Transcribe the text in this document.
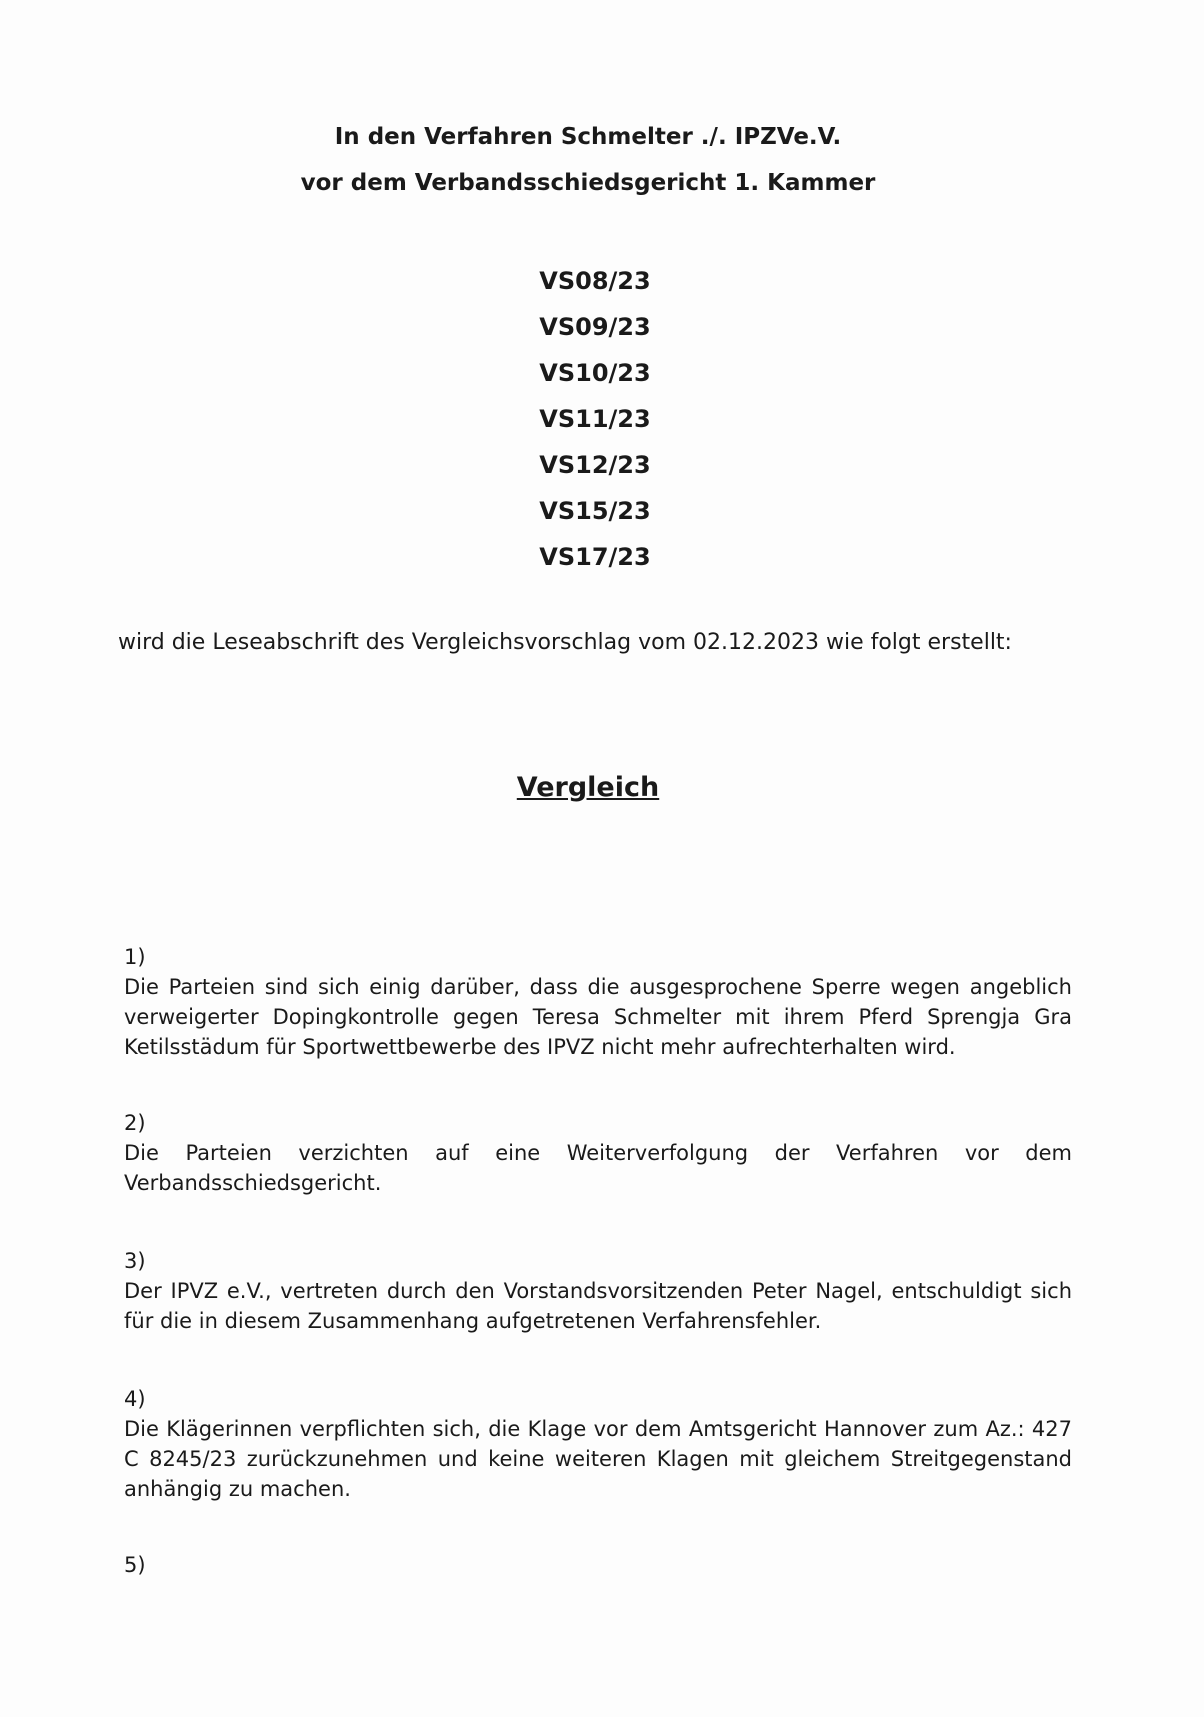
In den Verfahren Schmelter ./. IPZVe.V.
vor dem Verbandsschiedsgericht 1. Kammer
VS08/23
VS09/23
VS10/23
VS11/23
VS12/23
VS15/23
VS17/23
wird die Leseabschrift des Vergleichsvorschlag vom 02.12.2023 wie folgt erstellt:
Vergleich
1)
Die Parteien sind sich einig darüber, dass die ausgesprochene Sperre wegen angeblich verweigerter Dopingkontrolle gegen Teresa Schmelter mit ihrem Pferd Sprengja Gra Ketilsstädum für Sportwettbewerbe des IPVZ nicht mehr aufrechterhalten wird.
2)
Die Parteien verzichten auf eine Weiterverfolgung der Verfahren vor dem Verbandsschiedsgericht.
3)
Der IPVZ e.V., vertreten durch den Vorstandsvorsitzenden Peter Nagel, entschuldigt sich für die in diesem Zusammenhang aufgetretenen Verfahrensfehler.
4)
Die Klägerinnen verpflichten sich, die Klage vor dem Amtsgericht Hannover zum Az.: 427 C 8245/23 zurückzunehmen und keine weiteren Klagen mit gleichem Streitgegenstand anhängig zu machen.
5)
